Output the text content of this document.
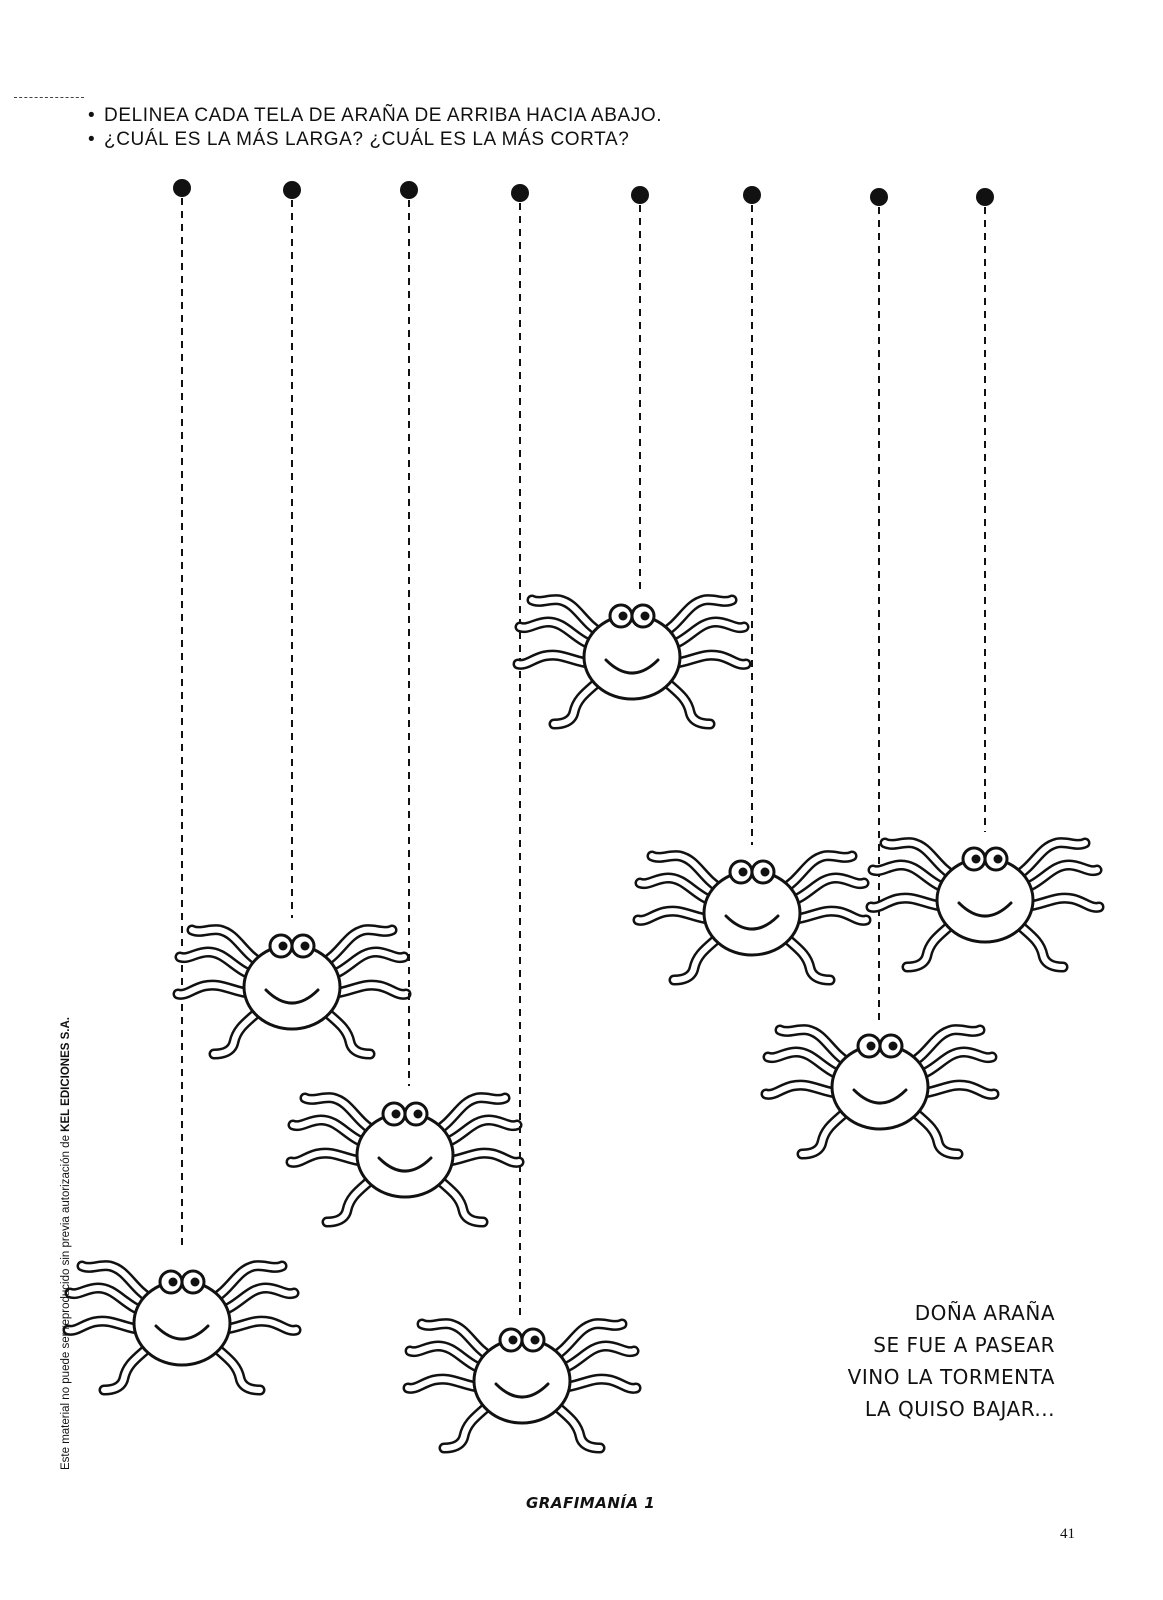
• DELINEA CADA TELA DE ARAÑA DE ARRIBA HACIA ABAJO.
• ¿CUÁL ES LA MÁS LARGA? ¿CUÁL ES LA MÁS CORTA?
DOÑA ARAÑA
SE FUE A PASEAR
VINO LA TORMENTA
LA QUISO BAJAR...
Este material no puede ser reproducido sin previa autorización de KEL EDICIONES S.A.
GRAFIMANÍA 1
41
